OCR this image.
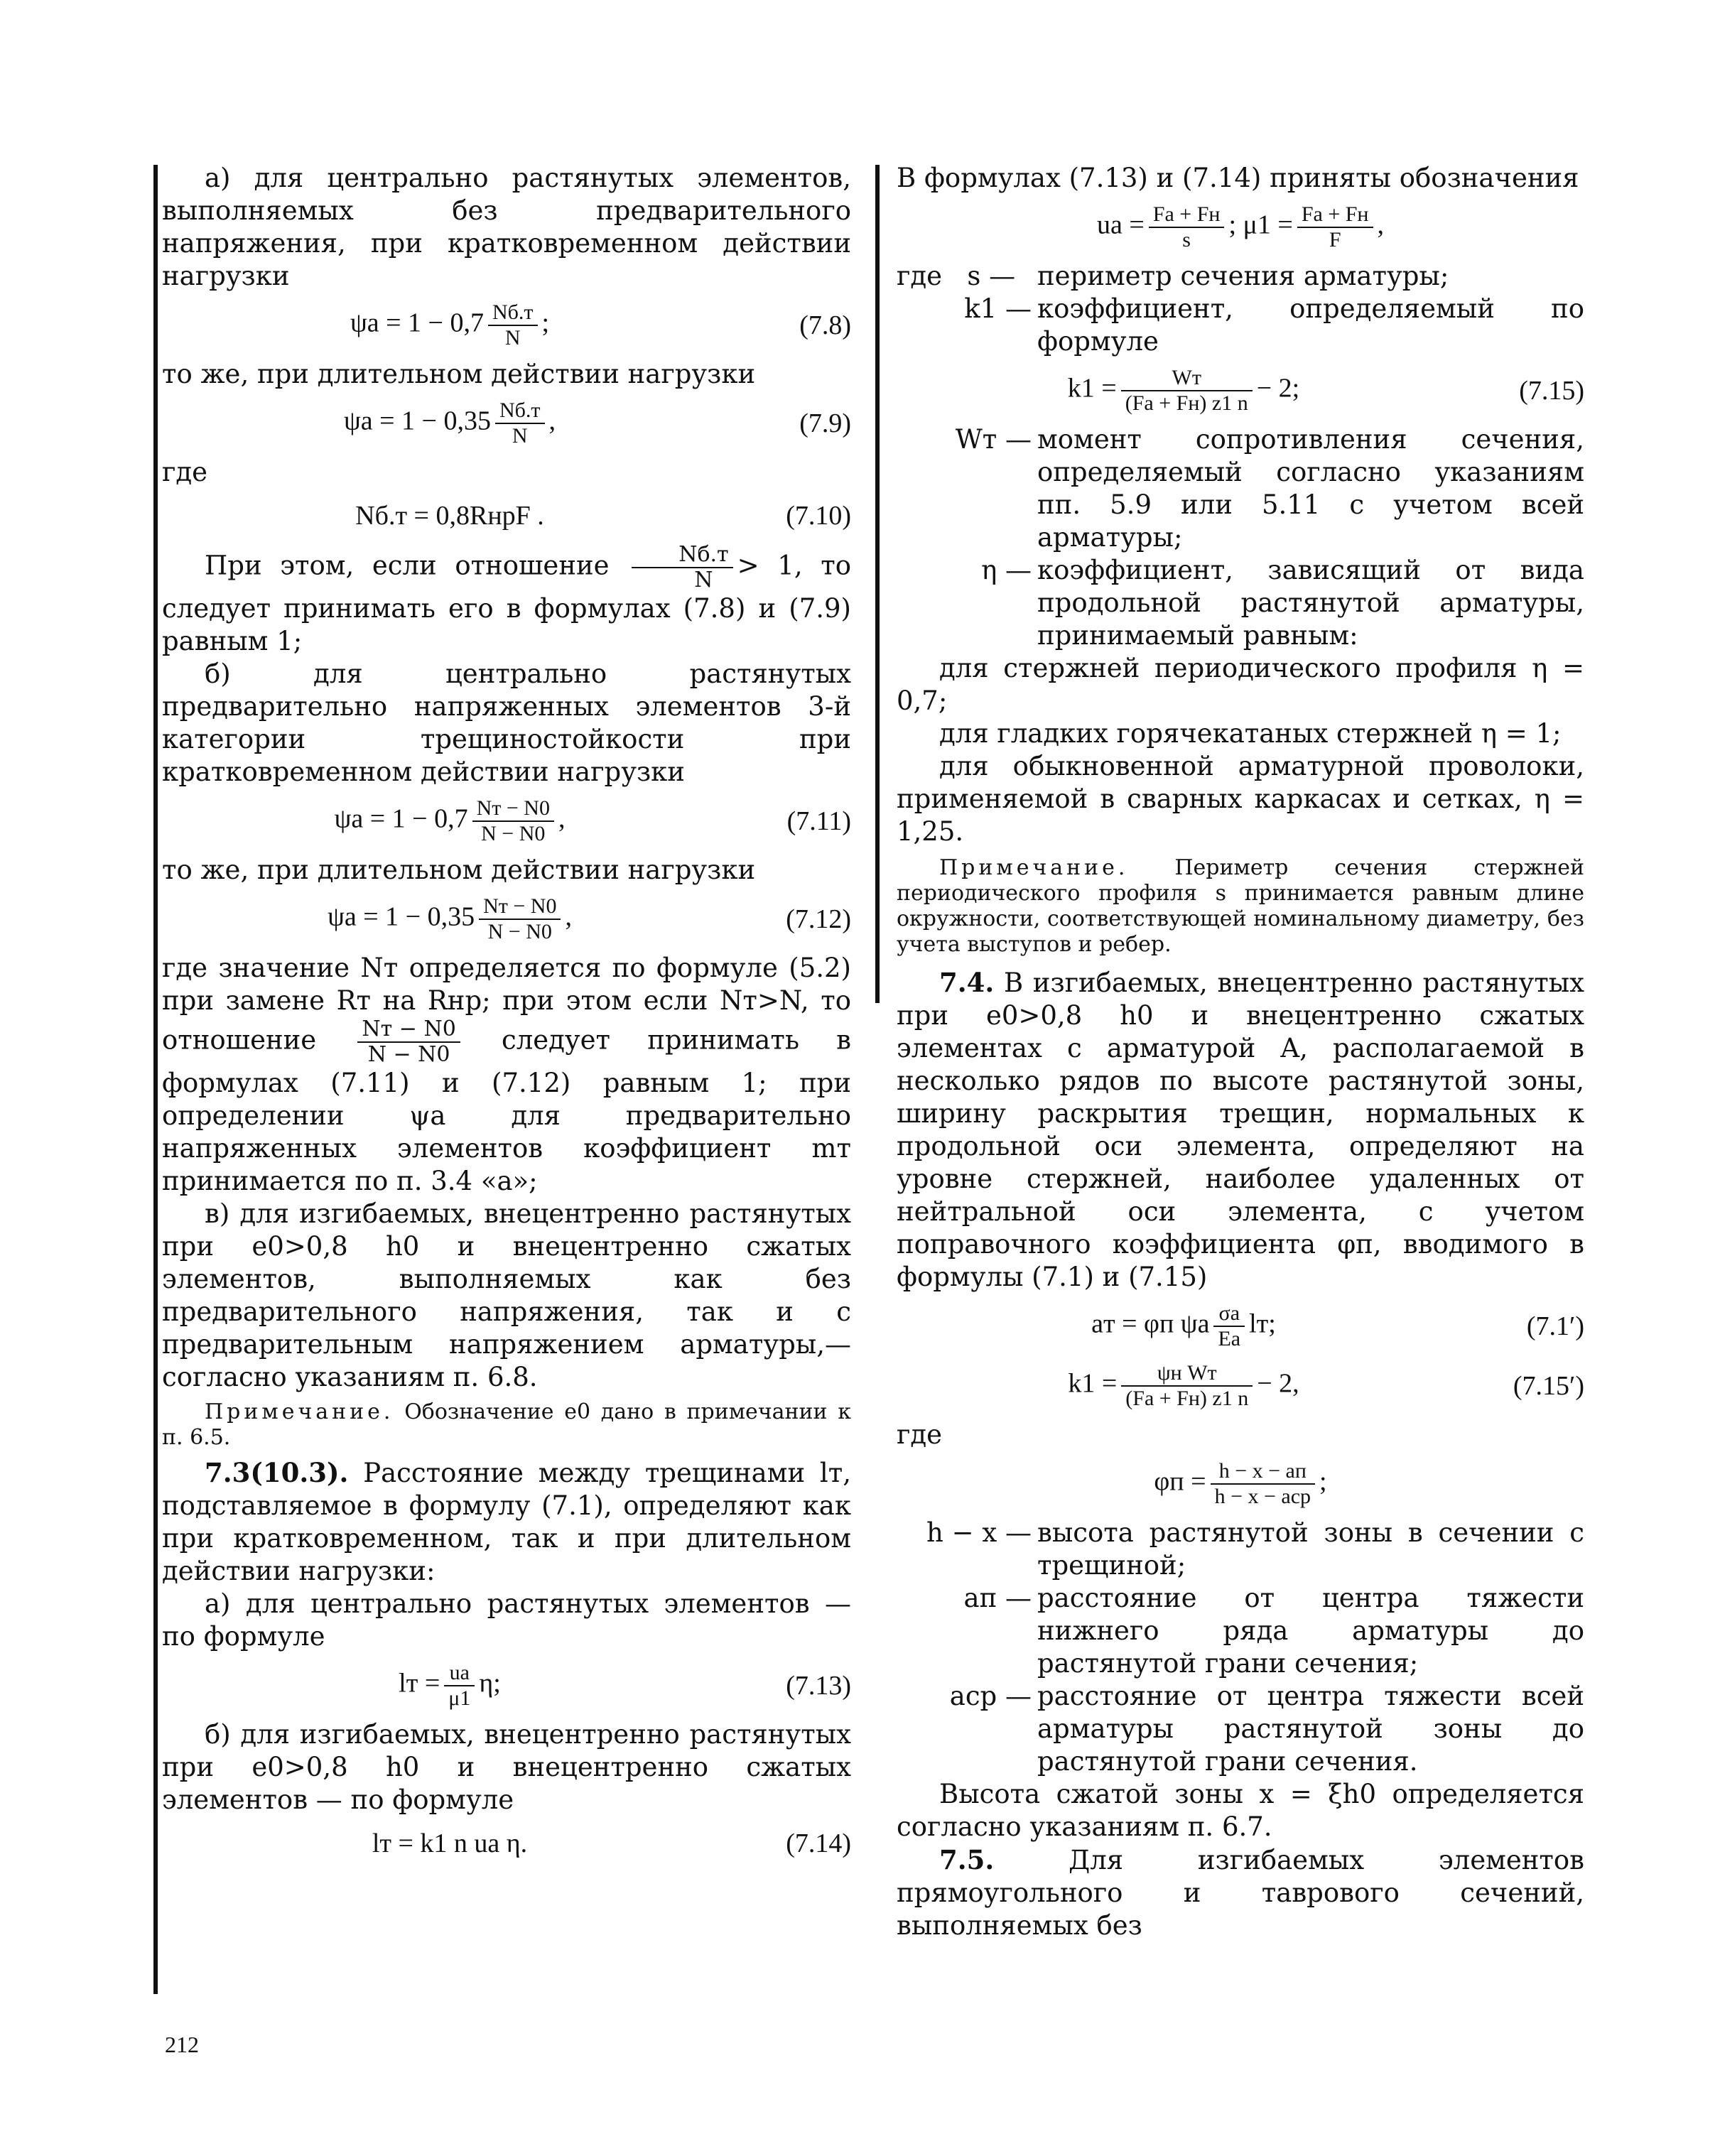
а) для центрально растянутых элементов, выполняемых без предварительного напряжения, при кратковременном действии нагрузки

$\psi а = 1 - 0,7 \frac{Nб.т}{N}$ ;	(7.8)

то же, при длительном действии нагрузки

$\psi а = 1 - 0,35 \frac{Nб.т}{N}$ ,	(7.9)

где

Nб.т = 0,8RнрF .	(7.10)

При этом, если отношение $\frac{Nб.т}{N} > 1$, то следует принимать его в формулах (7.8) и (7.9) равным 1;

б) для центрально растянутых предварительно напряженных элементов 3-й категории трещиностойкости при кратковременном действии нагрузки

$\psi а = 1 - 0,7 \frac{Nт - N0}{N - N0}$ ,	(7.11)

то же, при длительном действии нагрузки

$\psi а = 1 - 0,35 \frac{Nт - N0}{N - N0}$ ,	(7.12)

где значение Nт определяется по формуле (5.2) при замене Rт на Rнр; при этом если Nт>N, то отношение $\frac{Nт - N0}{N - N0}$ следует принимать в формулах (7.11) и (7.12) равным 1; при определении ψа для предварительно напряженных элементов коэффициент mт принимается по п. 3.4 «а»;

в) для изгибаемых, внецентренно растянутых при e0>0,8 h0 и внецентренно сжатых элементов, выполняемых как без предварительного напряжения, так и с предварительным напряжением арматуры,— согласно указаниям п. 6.8.

Примечание. Обозначение e0 дано в примечании к п. 6.5.

7.3(10.3). Расстояние между трещинами lт, подставляемое в формулу (7.1), определяют как при кратковременном, так и при длительном действии нагрузки:

а) для центрально растянутых элементов — по формуле

lт = $\frac{uа}{\mu 1} \eta$;	(7.13)

б) для изгибаемых, внецентренно растянутых при e0>0,8 h0 и внецентренно сжатых элементов — по формуле

lт = k1 n uа η.	(7.14)

В формулах (7.13) и (7.14) приняты обозначения

uа = $\frac{Fа + Fн}{s}$ ; $\mu 1 = \frac{Fа + Fн}{F}$ ,
где s — периметр сечения арматуры;
k1 — коэффициент, определяемый по формуле
$k1 = \frac{Wт}{(Fа + Fн) z1 n} - 2$;	(7.15)
Wт — момент сопротивления сечения, определяемый согласно указаниям пп. 5.9 или 5.11 с учетом всей арматуры;
η — коэффициент, зависящий от вида продольной растянутой арматуры, принимаемый равным:

для стержней периодического профиля η = 0,7;

для гладких горячекатаных стержней η = 1;

для обыкновенной арматурной проволоки, применяемой в сварных каркасах и сетках, η = 1,25.

Примечание. Периметр сечения стержней периодического профиля s принимается равным длине окружности, соответствующей номинальному диаметру, без учета выступов и ребер.

7.4. В изгибаемых, внецентренно растянутых при e0>0,8 h0 и внецентренно сжатых элементах с арматурой A, располагаемой в несколько рядов по высоте растянутой зоны, ширину раскрытия трещин, нормальных к продольной оси элемента, определяют на уровне стержней, наиболее удаленных от нейтральной оси элемента, с учетом поправочного коэффициента φп, вводимого в формулы (7.1) и (7.15)

aт = φп ψа $\frac{\sigma а}{Eа}$ lт;	(7.1′)
$k1 = \frac{\text{ψн Wт}}{(Fа + Fн) z1 n} - 2$,	(7.15′)

где

$\varphi п = \frac{h - x - aп}{\text{h − x − aср}}$ ;
h − x — высота растянутой зоны в сечении с трещиной;
aп — расстояние от центра тяжести нижнего ряда арматуры до растянутой грани сечения;
aср — расстояние от центра тяжести всей арматуры растянутой зоны до растянутой грани сечения.

Высота сжатой зоны x = ξh0 определяется согласно указаниям п. 6.7.

7.5.	Для изгибаемых элементов прямоугольного и таврового сечений, выполняемых без

212
